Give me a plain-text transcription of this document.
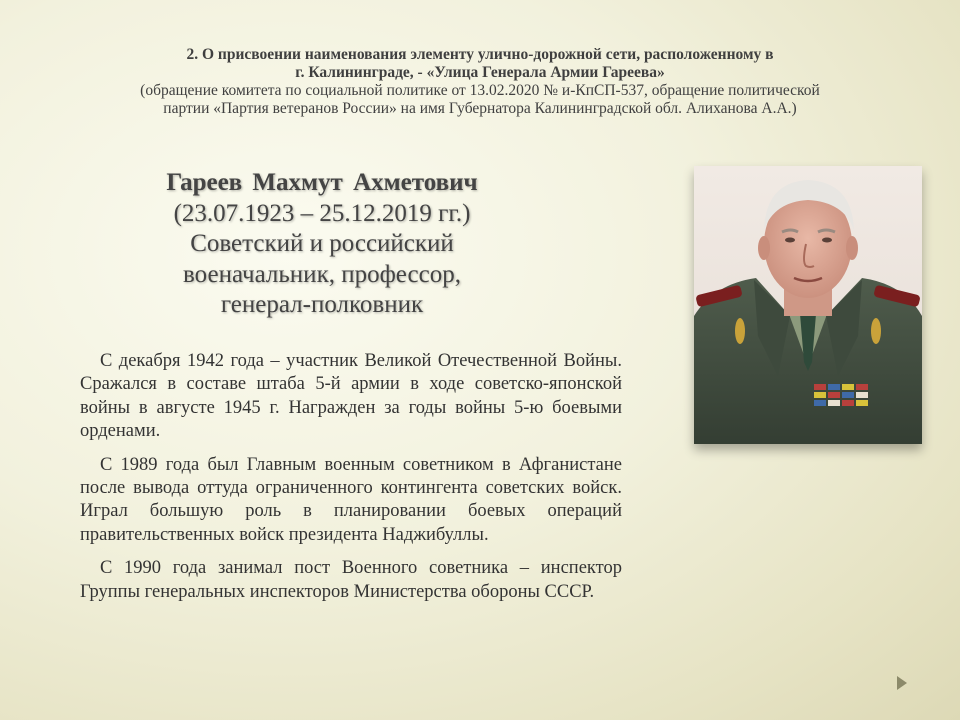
2. О присвоении наименования элементу улично-дорожной сети, расположенному в
г. Калининграде, - «Улица Генерала Армии Гареева»
(обращение комитета по социальной политике от 13.02.2020 № и-КпСП-537, обращение политической
партии «Партия ветеранов России» на имя Губернатора Калининградской обл. Алиханова А.А.)
Гареев Махмут Ахметович
(23.07.1923 – 25.12.2019 гг.)
Советский и российский
военачальник, профессор,
генерал-полковник

С декабря 1942 года – участник Великой Отечественной Войны. Сражался в составе штаба 5-й армии в ходе советско-японской войны в августе 1945 г. Награжден за годы войны 5-ю боевыми орденами.

С 1989 года был Главным военным советником в Афганистане после вывода оттуда ограниченного контингента советских войск. Играл большую роль в планировании боевых операций правительственных войск президента Наджибуллы.

С 1990 года занимал пост Военного советника – инспектор Группы генеральных инспекторов Министерства обороны СССР.
